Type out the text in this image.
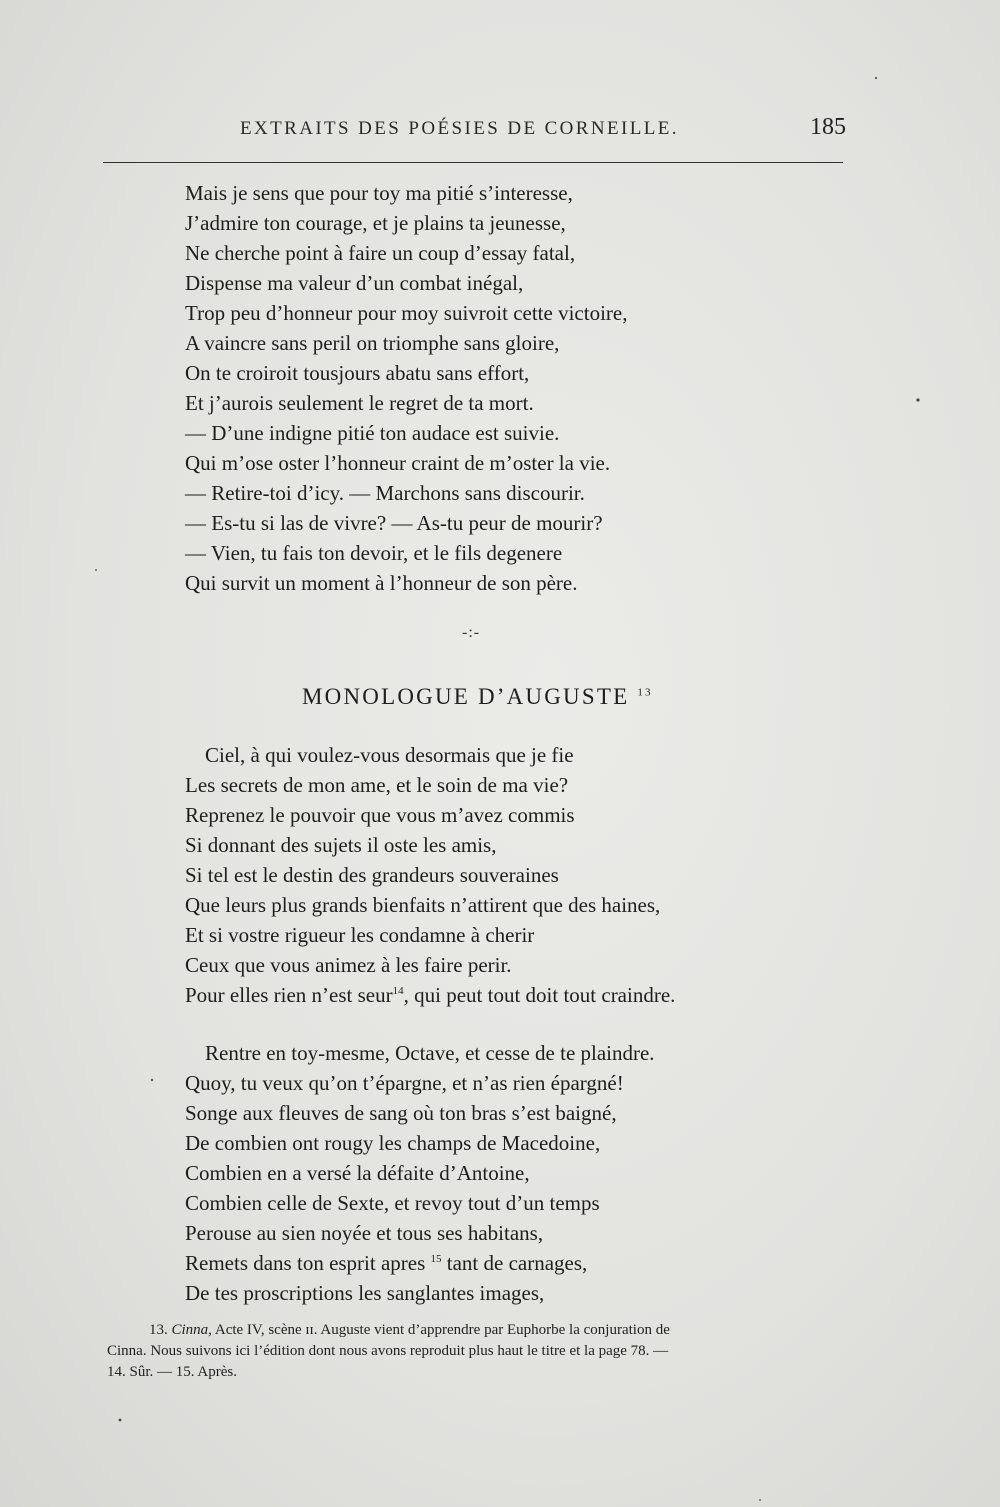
EXTRAITS DES POÉSIES DE CORNEILLE.	185
Mais je sens que pour toy ma pitié s’interesse,
J’admire ton courage, et je plains ta jeunesse,
Ne cherche point à faire un coup d’essay fatal,
Dispense ma valeur d’un combat inégal,
Trop peu d’honneur pour moy suivroit cette victoire,
A vaincre sans peril on triomphe sans gloire,
On te croiroit tousjours abatu sans effort,
Et j’aurois seulement le regret de ta mort.
— D’une indigne pitié ton audace est suivie.
Qui m’ose oster l’honneur craint de m’oster la vie.
— Retire-toi d’icy. — Marchons sans discourir.
— Es-tu si las de vivre? — As-tu peur de mourir?
— Vien, tu fais ton devoir, et le fils degenere
Qui survit un moment à l’honneur de son père.
-:-
MONOLOGUE D’AUGUSTE $^{13}$
Ciel, à qui voulez-vous desormais que je fie
Les secrets de mon ame, et le soin de ma vie?
Reprenez le pouvoir que vous m’avez commis
Si donnant des sujets il oste les amis,
Si tel est le destin des grandeurs souveraines
Que leurs plus grands bienfaits n’attirent que des haines,
Et si vostre rigueur les condamne à cherir
Ceux que vous animez à les faire perir.
Pour elles rien n’est seur$^{14}$, qui peut tout doit tout craindre.
Rentre en toy-mesme, Octave, et cesse de te plaindre.
Quoy, tu veux qu’on t’épargne, et n’as rien épargné!
Songe aux fleuves de sang où ton bras s’est baigné,
De combien ont rougy les champs de Macedoine,
Combien en a versé la défaite d’Antoine,
Combien celle de Sexte, et revoy tout d’un temps
Perouse au sien noyée et tous ses habitans,
Remets dans ton esprit apres $^{15}$ tant de carnages,
De tes proscriptions les sanglantes images,
13. Cinna, Acte IV, scène ɪɪ. Auguste vient d’apprendre par Euphorbe la conjuration de
Cinna. Nous suivons ici l’édition dont nous avons reproduit plus haut le titre et la page 78. —
14. Sûr. — 15. Après.
